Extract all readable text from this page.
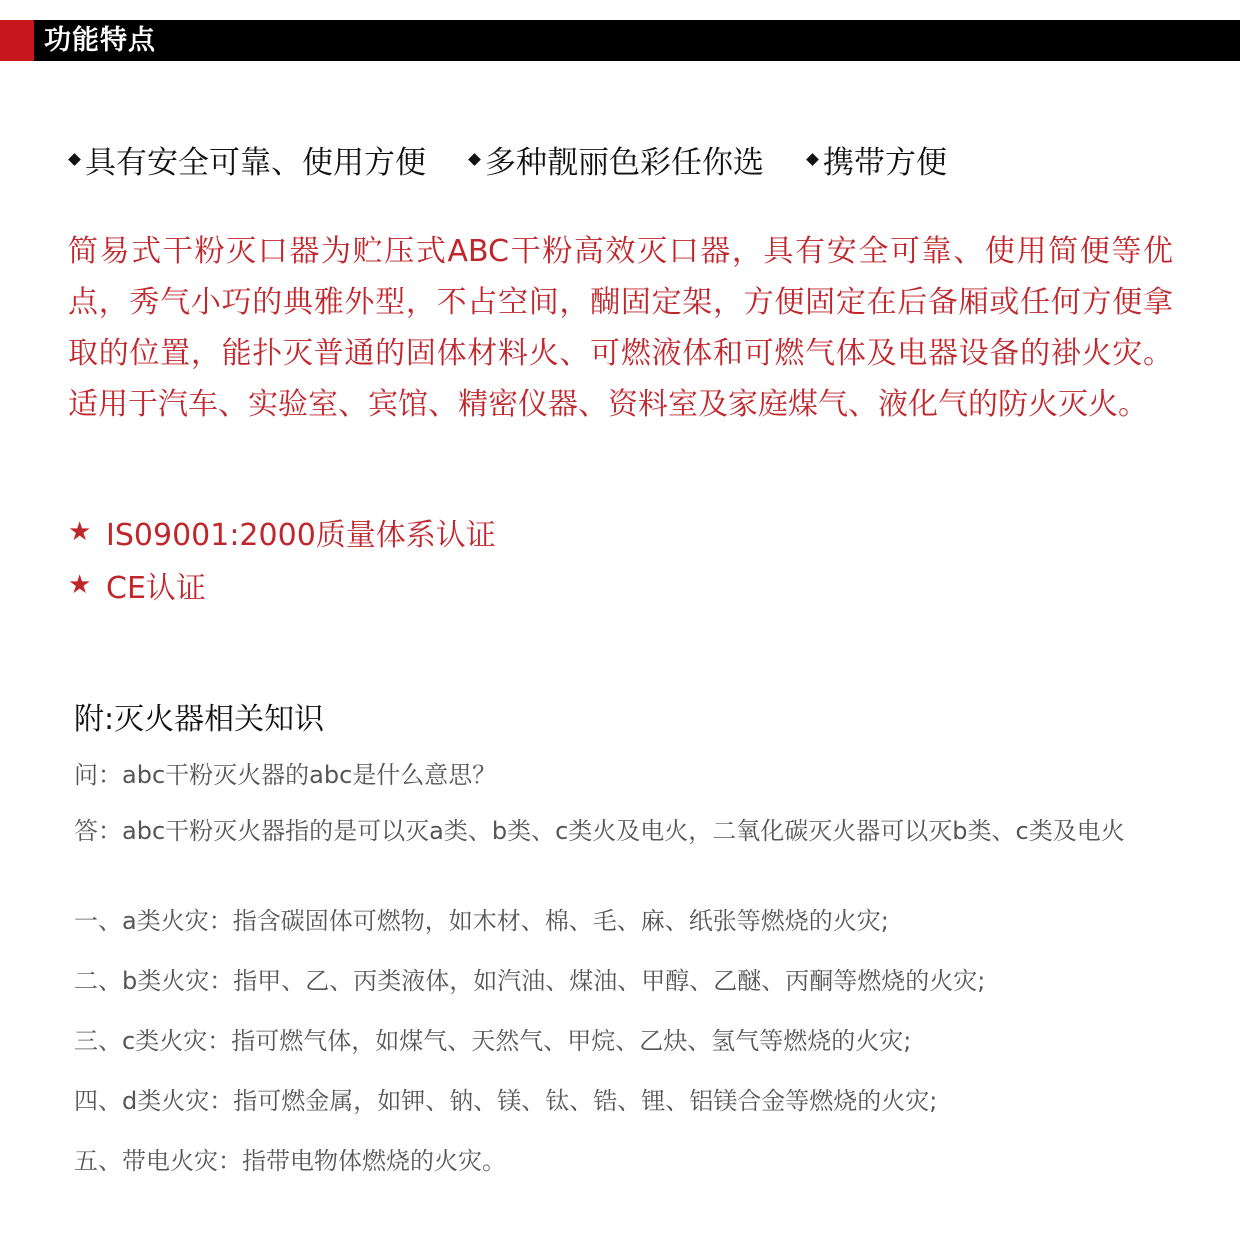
功能特点
具有安全可靠、使用方便 多种靓丽色彩任你选 携带方便
简易式干粉灭口器为贮压式ABC干粉高效灭口器，具有安全可靠、使用简便等优点，秀气小巧的典雅外型，不占空间，醐固定架，方便固定在后备厢或任何方便拿取的位置，能扑灭普通的固体材料火、可燃液体和可燃气体及电器设备的褂火灾。适用于汽车、实验室、宾馆、精密仪器、资料室及家庭煤气、液化气的防火灭火。
★ IS09001:2000质量体系认证
★ CE认证
附:灭火器相关知识
问：abc干粉灭火器的abc是什么意思？
答：abc干粉灭火器指的是可以灭a类、b类、c类火及电火，二氧化碳灭火器可以灭b类、c类及电火
一、a类火灾：指含碳固体可燃物，如木材、棉、毛、麻、纸张等燃烧的火灾;
二、b类火灾：指甲、乙、丙类液体，如汽油、煤油、甲醇、乙醚、丙酮等燃烧的火灾;
三、c类火灾：指可燃气体，如煤气、天然气、甲烷、乙炔、氢气等燃烧的火灾;
四、d类火灾：指可燃金属，如钾、钠、镁、钛、锆、锂、铝镁合金等燃烧的火灾;
五、带电火灾：指带电物体燃烧的火灾。
